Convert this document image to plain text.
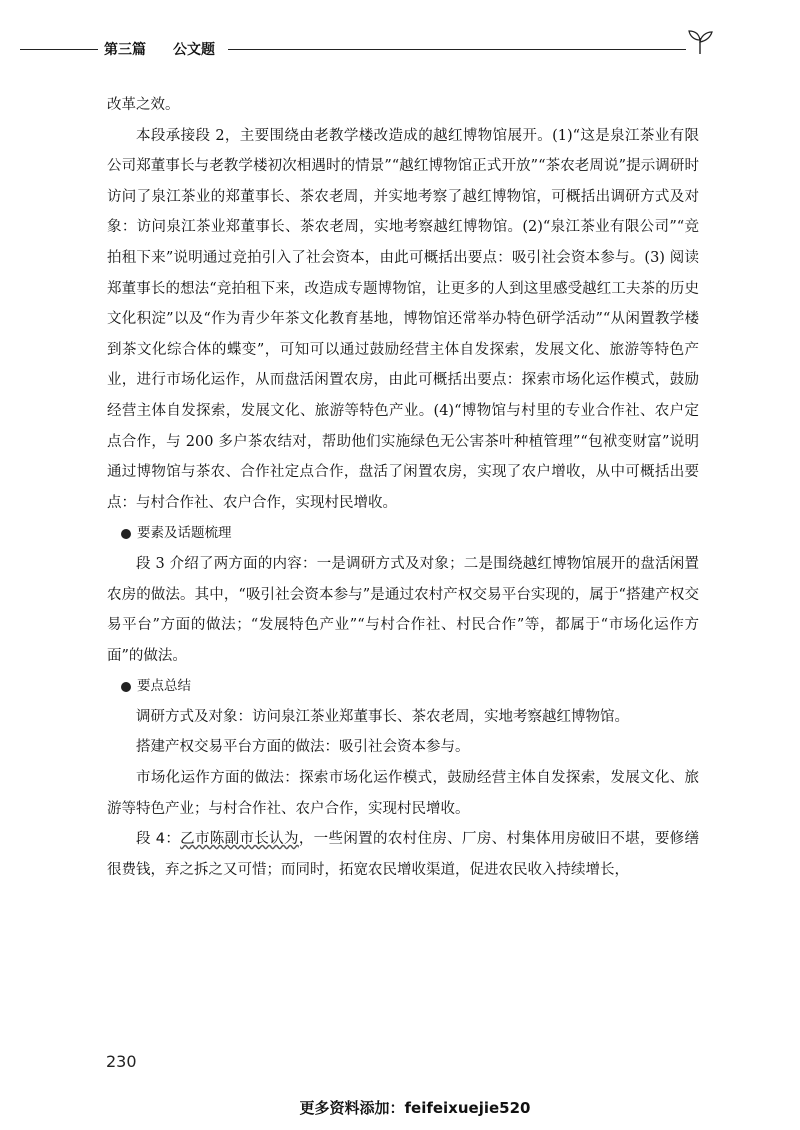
第三篇 公文题

改革之效。

本段承接段 2，主要围绕由老教学楼改造成的越红博物馆展开。(1)“这是泉江茶业有限公司郑董事长与老教学楼初次相遇时的情景”“越红博物馆正式开放”“茶农老周说”提示调研时访问了泉江茶业的郑董事长、茶农老周，并实地考察了越红博物馆，可概括出调研方式及对象：访问泉江茶业郑董事长、茶农老周，实地考察越红博物馆。(2)“泉江茶业有限公司”“竞拍租下来”说明通过竞拍引入了社会资本，由此可概括出要点：吸引社会资本参与。(3) 阅读郑董事长的想法“竞拍租下来，改造成专题博物馆，让更多的人到这里感受越红工夫茶的历史文化积淀”以及“作为青少年茶文化教育基地，博物馆还常举办特色研学活动”“从闲置教学楼到茶文化综合体的蝶变”，可知可以通过鼓励经营主体自发探索，发展文化、旅游等特色产业，进行市场化运作，从而盘活闲置农房，由此可概括出要点：探索市场化运作模式，鼓励经营主体自发探索，发展文化、旅游等特色产业。(4)“博物馆与村里的专业合作社、农户定点合作，与 200 多户茶农结对，帮助他们实施绿色无公害茶叶种植管理”“包袱变财富”说明通过博物馆与茶农、合作社定点合作，盘活了闲置农房，实现了农户增收，从中可概括出要点：与村合作社、农户合作，实现村民增收。

要素及话题梳理

段 3 介绍了两方面的内容：一是调研方式及对象；二是围绕越红博物馆展开的盘活闲置农房的做法。其中，“吸引社会资本参与”是通过农村产权交易平台实现的，属于“搭建产权交易平台”方面的做法；“发展特色产业”“与村合作社、村民合作”等，都属于“市场化运作方面”的做法。

要点总结

调研方式及对象：访问泉江茶业郑董事长、茶农老周，实地考察越红博物馆。

搭建产权交易平台方面的做法：吸引社会资本参与。

市场化运作方面的做法：探索市场化运作模式，鼓励经营主体自发探索，发展文化、旅游等特色产业；与村合作社、农户合作，实现村民增收。

段 4：乙市陈副市长认为，一些闲置的农村住房、厂房、村集体用房破旧不堪，要修缮很费钱，弃之拆之又可惜；而同时，拓宽农民增收渠道，促进农民收入持续增长，

230
更多资料添加：feifeixuejie520
